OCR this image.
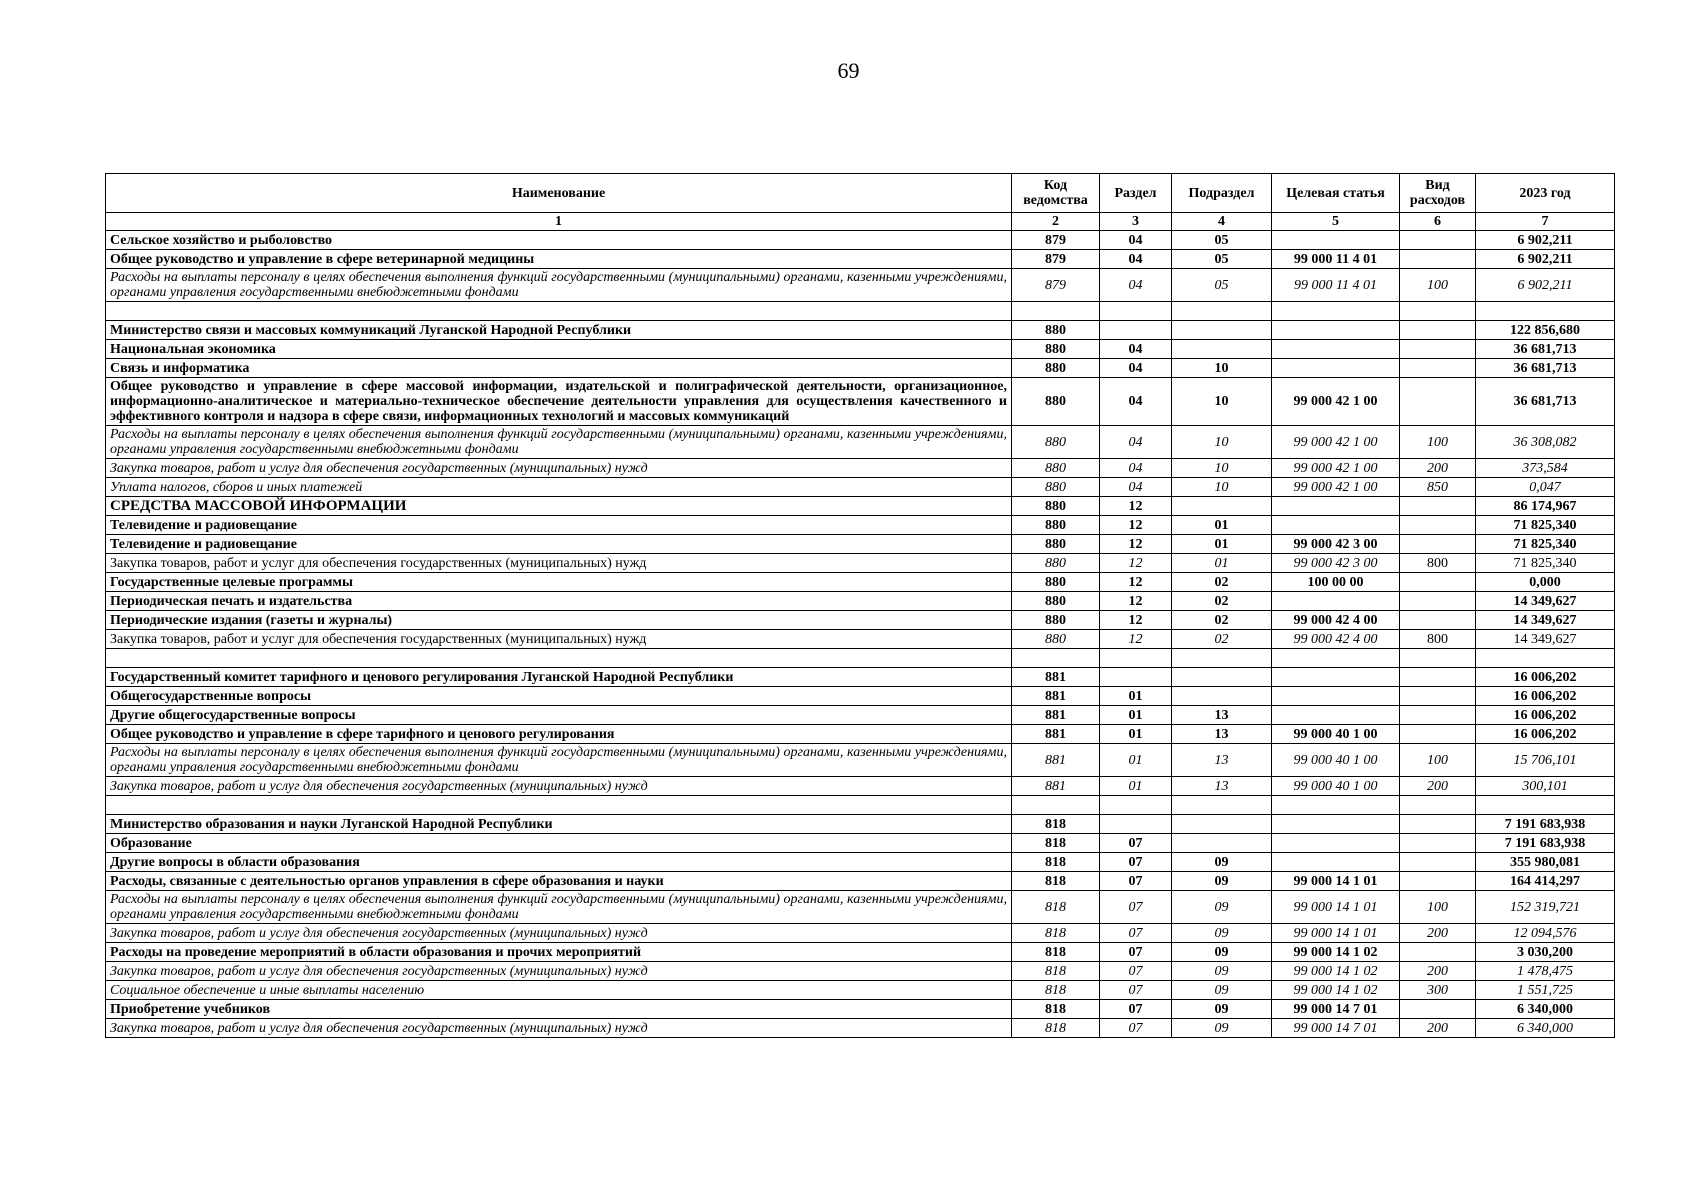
69
Наименование	Код ведомства	Раздел	Подраздел	Целевая статья	Вид расходов	2023 год
1	2	3	4	5	6	7
Сельское хозяйство и рыболовство	879	04	05			6 902,211
Общее руководство и управление в сфере ветеринарной медицины	879	04	05	99 000 11 4 01		6 902,211
Расходы на выплаты персоналу в целях обеспечения выполнения функций государственными (муниципальными) органами, казенными учреждениями, органами управления государственными внебюджетными фондами	879	04	05	99 000 11 4 01	100	6 902,211

Министерство связи и массовых коммуникаций Луганской Народной Республики	880					122 856,680
Национальная экономика	880	04				36 681,713
Связь и информатика	880	04	10			36 681,713
Общее руководство и управление в сфере массовой информации, издательской и полиграфической деятельности, организационное, информационно-аналитическое и материально-техническое обеспечение деятельности управления для осуществления качественного и эффективного контроля и надзора в сфере связи, информационных технологий и массовых коммуникаций	880	04	10	99 000 42 1 00		36 681,713
Расходы на выплаты персоналу в целях обеспечения выполнения функций государственными (муниципальными) органами, казенными учреждениями, органами управления государственными внебюджетными фондами	880	04	10	99 000 42 1 00	100	36 308,082
Закупка товаров, работ и услуг для обеспечения государственных (муниципальных) нужд	880	04	10	99 000 42 1 00	200	373,584
Уплата налогов, сборов и иных платежей	880	04	10	99 000 42 1 00	850	0,047
СРЕДСТВА МАССОВОЙ ИНФОРМАЦИИ	880	12				86 174,967
Телевидение и радиовещание	880	12	01			71 825,340
Телевидение и радиовещание	880	12	01	99 000 42 3 00		71 825,340
Закупка товаров, работ и услуг для обеспечения государственных (муниципальных) нужд	880	12	01	99 000 42 3 00	800	71 825,340
Государственные целевые программы	880	12	02	100 00 00		0,000
Периодическая печать и издательства	880	12	02			14 349,627
Периодические издания (газеты и журналы)	880	12	02	99 000 42 4 00		14 349,627
Закупка товаров, работ и услуг для обеспечения государственных (муниципальных) нужд	880	12	02	99 000 42 4 00	800	14 349,627

Государственный комитет тарифного и ценового регулирования Луганской Народной Республики	881					16 006,202
Общегосударственные вопросы	881	01				16 006,202
Другие общегосударственные вопросы	881	01	13			16 006,202
Общее руководство и управление в сфере тарифного и ценового регулирования	881	01	13	99 000 40 1 00		16 006,202
Расходы на выплаты персоналу в целях обеспечения выполнения функций государственными (муниципальными) органами, казенными учреждениями, органами управления государственными внебюджетными фондами	881	01	13	99 000 40 1 00	100	15 706,101
Закупка товаров, работ и услуг для обеспечения государственных (муниципальных) нужд	881	01	13	99 000 40 1 00	200	300,101

Министерство образования и науки Луганской Народной Республики	818					7 191 683,938
Образование	818	07				7 191 683,938
Другие вопросы в области образования	818	07	09			355 980,081
Расходы, связанные с деятельностью органов управления в сфере образования и науки	818	07	09	99 000 14 1 01		164 414,297
Расходы на выплаты персоналу в целях обеспечения выполнения функций государственными (муниципальными) органами, казенными учреждениями, органами управления государственными внебюджетными фондами	818	07	09	99 000 14 1 01	100	152 319,721
Закупка товаров, работ и услуг для обеспечения государственных (муниципальных) нужд	818	07	09	99 000 14 1 01	200	12 094,576
Расходы на проведение мероприятий в области образования и прочих мероприятий	818	07	09	99 000 14 1 02		3 030,200
Закупка товаров, работ и услуг для обеспечения государственных (муниципальных) нужд	818	07	09	99 000 14 1 02	200	1 478,475
Социальное обеспечение и иные выплаты населению	818	07	09	99 000 14 1 02	300	1 551,725
Приобретение учебников	818	07	09	99 000 14 7 01		6 340,000
Закупка товаров, работ и услуг для обеспечения государственных (муниципальных) нужд	818	07	09	99 000 14 7 01	200	6 340,000
